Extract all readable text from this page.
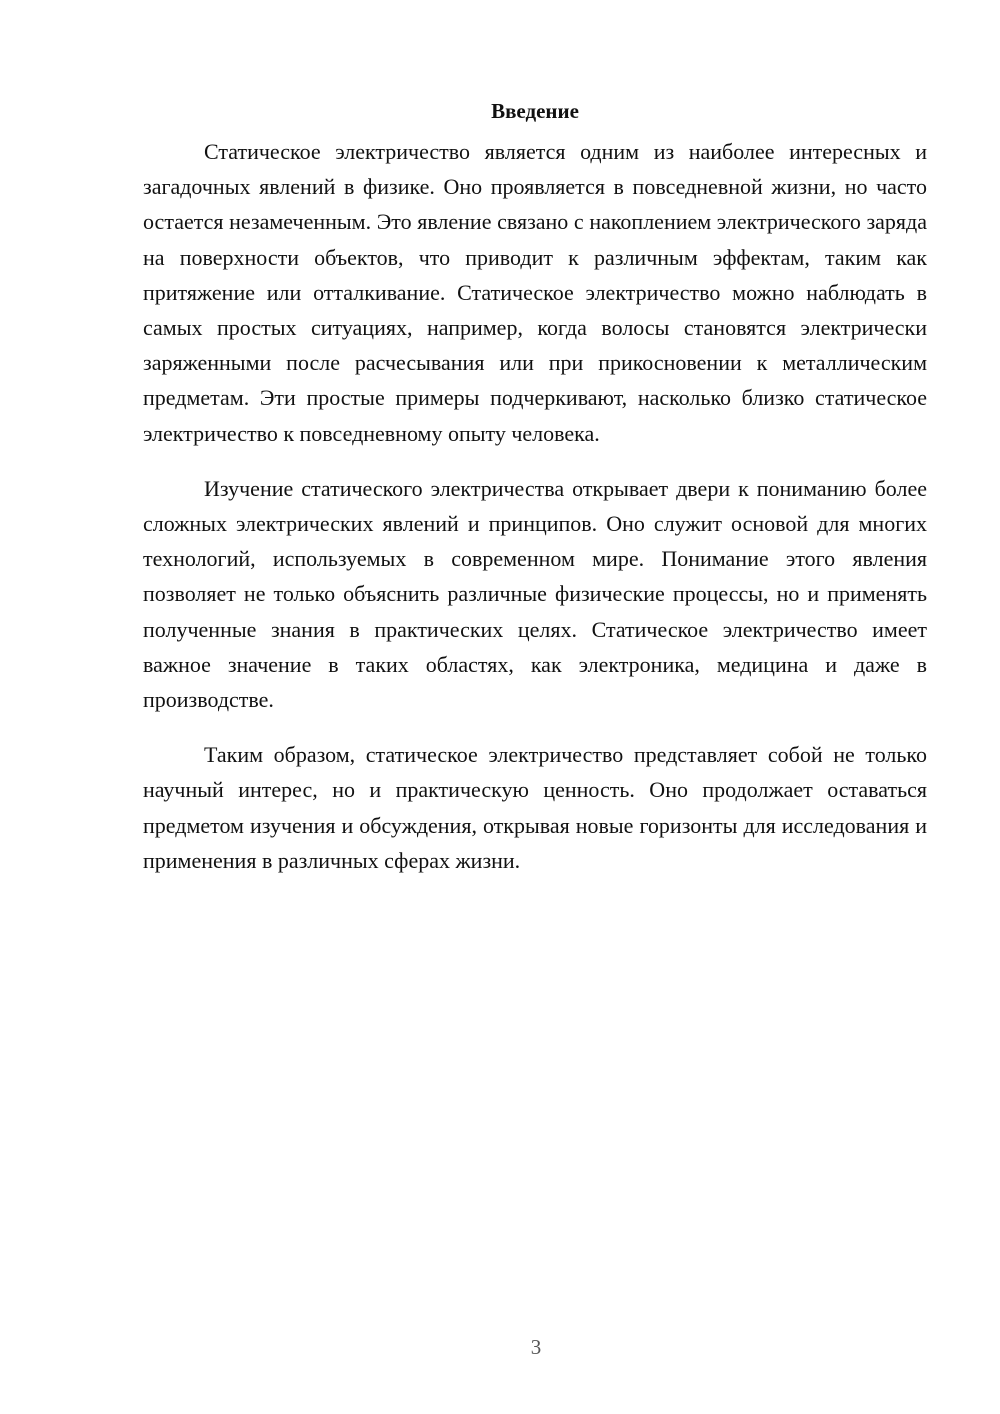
Введение

Статическое электричество является одним из наиболее интересных и загадочных явлений в физике. Оно проявляется в повседневной жизни, но часто остается незамеченным. Это явление связано с накоплением электрического заряда на поверхности объектов, что приводит к различным эффектам, таким как притяжение или отталкивание. Статическое электричество можно наблюдать в самых простых ситуациях, например, когда волосы становятся электрически заряженными после расчесывания или при прикосновении к металлическим предметам. Эти простые примеры подчеркивают, насколько близко статическое электричество к повседневному опыту человека.

Изучение статического электричества открывает двери к пониманию более сложных электрических явлений и принципов. Оно служит основой для многих технологий, используемых в современном мире. Понимание этого явления позволяет не только объяснить различные физические процессы, но и применять полученные знания в практических целях. Статическое электричество имеет важное значение в таких областях, как электроника, медицина и даже в производстве.

Таким образом, статическое электричество представляет собой не только научный интерес, но и практическую ценность. Оно продолжает оставаться предметом изучения и обсуждения, открывая новые горизонты для исследования и применения в различных сферах жизни.

3
